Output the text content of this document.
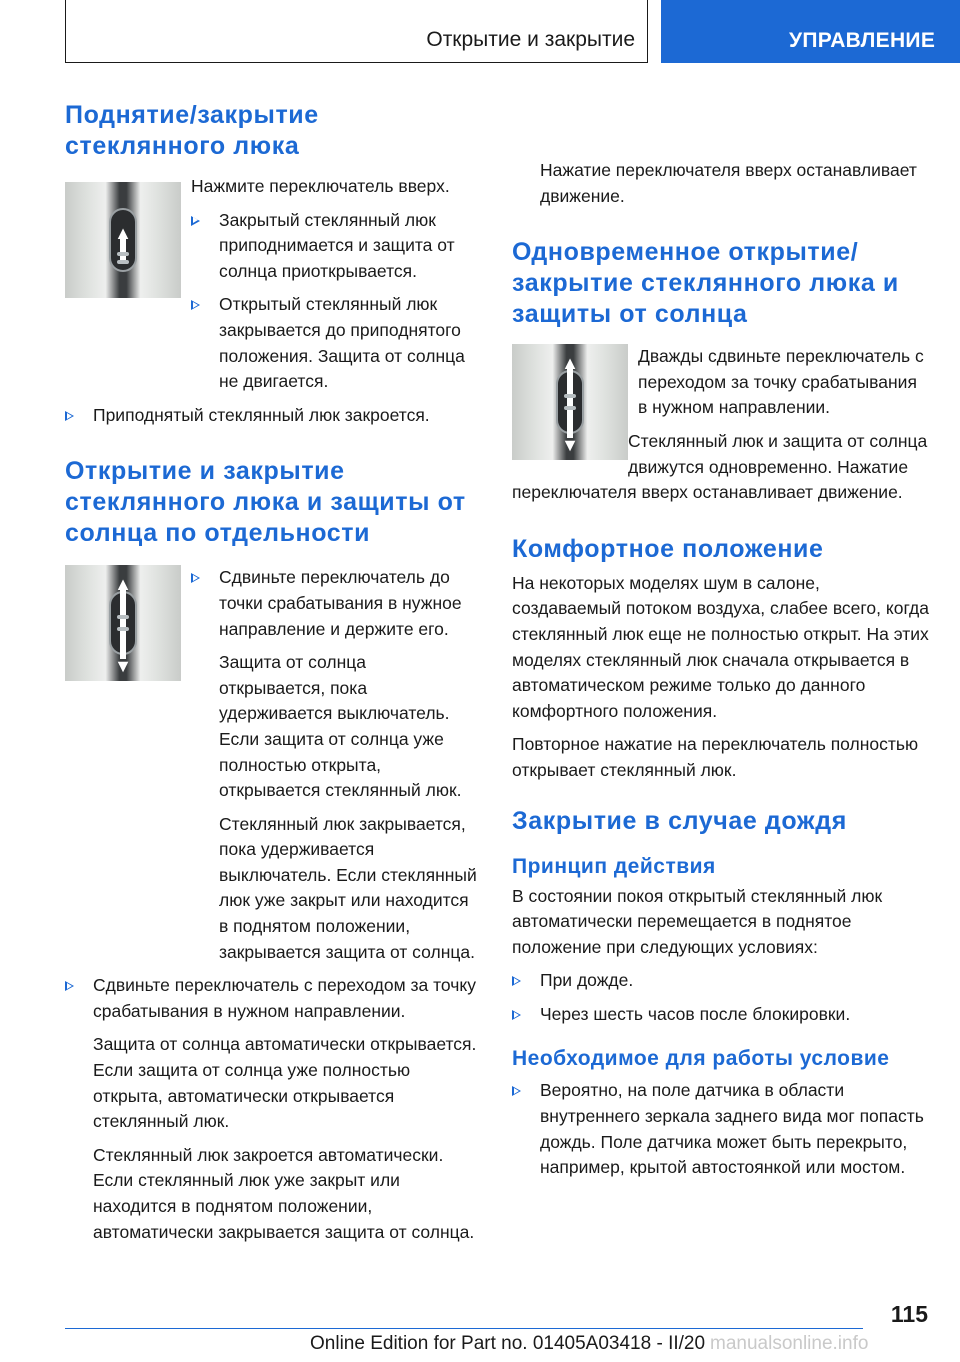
Открытие и закрытие	УПРАВЛЕНИЕ
Поднятие/закрытие стеклянного люка
▲

Нажмите переключатель вверх.

Закрытый стеклянный люк приподнимается и защита от солнца приоткрывается.
Открытый стеклянный люк закрывается до приподнятого положения. Защита от солнца не двигается.
Приподнятый стеклянный люк закроется.
Открытие и закрытие стеклянного люка и защиты от солнца по отдельности
▲
▼
Сдвиньте переключатель до точки срабатывания в нужное направление и держите его.
Защита от солнца открывается, пока удерживается выключатель. Если защита от солнца уже полностью открыта, открывается стеклянный люк.
Стеклянный люк закрывается, пока удерживается выключатель. Если стеклянный люк уже закрыт или находится в поднятом положении, закрывается защита от солнца.
Сдвиньте переключатель с переходом за точку срабатывания в нужном направлении.
Защита от солнца автоматически открывается. Если защита от солнца уже полностью открыта, автоматически открывается стеклянный люк.
Стеклянный люк закроется автоматически. Если стеклянный люк уже закрыт или находится в поднятом положении, автоматически закрывается защита от солнца.
Нажатие переключателя вверх останавливает движение.
Одновременное открытие/закрытие стеклянного люка и защиты от солнца
▲
▼

Дважды сдвиньте переключатель с переходом за точку срабатывания в нужном направлении.

Стеклянный люк и защита от солнца движутся одновременно. Нажатие переключателя вверх останавливает движение.

Комфортное положение

На некоторых моделях шум в салоне, создаваемый потоком воздуха, слабее всего, когда стеклянный люк еще не полностью открыт. На этих моделях стеклянный люк сначала открывается в автоматическом режиме только до данного комфортного положения.

Повторное нажатие на переключатель полностью открывает стеклянный люк.

Закрытие в случае дождя
Принцип действия

В состоянии покоя открытый стеклянный люк автоматически перемещается в поднятое положение при следующих условиях:

При дожде.
Через шесть часов после блокировки.
Необходимое для работы условие
Вероятно, на поле датчика в области внутреннего зеркала заднего вида мог попасть дождь. Поле датчика может быть перекрыто, например, крытой автостоянкой или мостом.
115
Online Edition for Part no. 01405A03418 - II/20 manualsonline.info
